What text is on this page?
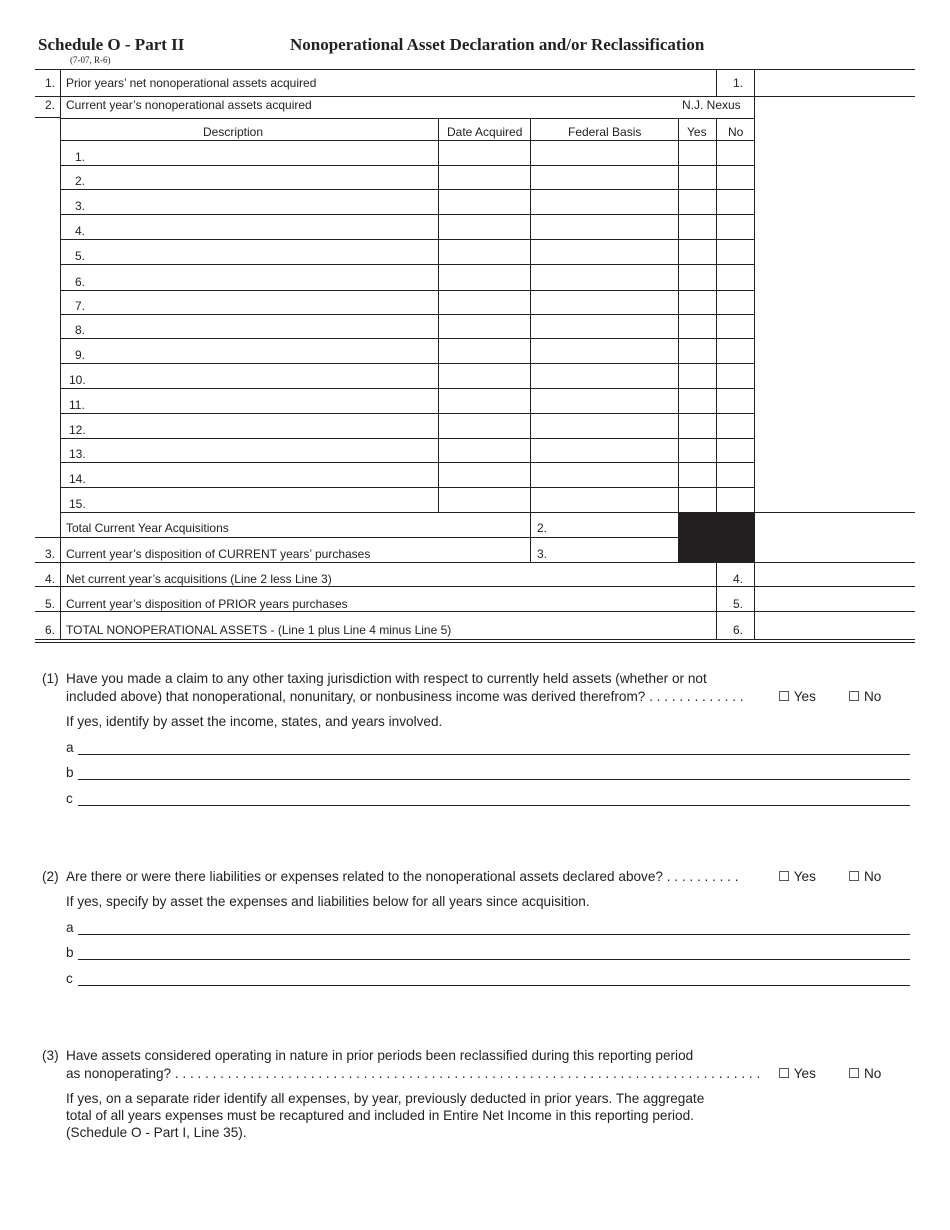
Schedule O - Part II
(7-07, R-6)
Nonoperational Asset Declaration and/or Reclassification
1. Prior years’ net nonoperational assets acquired	1.
2. Current year’s nonoperational assets acquired	N.J. Nexus
Description	Date Acquired	Federal Basis	Yes No
1.
2.
3.
4.
5.
6.
7.
8.
9.
10.
11.
12.
13.
14.
15.
Total Current Year Acquisitions	2.
3. Current year’s disposition of CURRENT years’ purchases	3.
4. Net current year’s acquisitions (Line 2 less Line 3)	4.
5. Current year’s disposition of PRIOR years purchases	5.
6. TOTAL NONOPERATIONAL ASSETS - (Line 1 plus Line 4 minus Line 5)	6.
(1) Have you made a claim to any other taxing jurisdiction with respect to currently held assets (whether or not
included above) that nonoperational, nonunitary, or nonbusiness income was derived therefrom? . . . . . . . . . . . . .	☐ Yes ☐ No
If yes, identify by asset the income, states, and years involved.
a
b
c
(2) Are there or were there liabilities or expenses related to the nonoperational assets declared above? . . . . . . . . . .	☐ Yes ☐ No
If yes, specify by asset the expenses and liabilities below for all years since acquisition.
a
b
c
(3) Have assets considered operating in nature in prior periods been reclassified during this reporting period
as nonoperating? . . . . . . . . . . . . . . . . . . . . . . . . . . . . . . . . . . . . . . . . . . . . . . . . . . . . . . . . . . . . . . . . . . . . . . . . . . . . . . ☐ Yes ☐ No
If yes, on a separate rider identify all expenses, by year, previously deducted in prior years. The aggregate
total of all years expenses must be recaptured and included in Entire Net Income in this reporting period.
(Schedule O - Part I, Line 35).
